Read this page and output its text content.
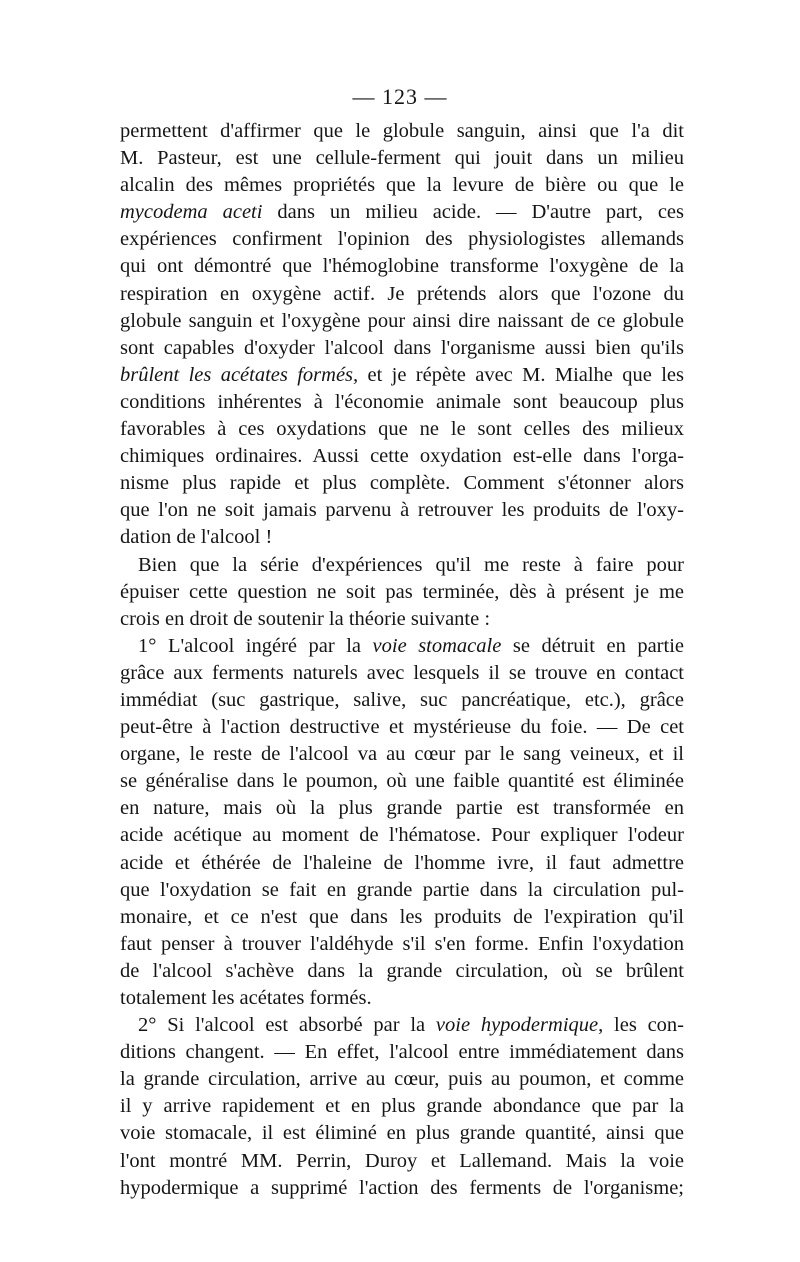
— 123 —
permettent d'affirmer que le globule sanguin, ainsi que l'a dit
M. Pasteur, est une cellule-ferment qui jouit dans un milieu
alcalin des mêmes propriétés que la levure de bière ou que le
mycodema aceti dans un milieu acide. — D'autre part, ces
expériences confirment l'opinion des physiologistes allemands
qui ont démontré que l'hémoglobine transforme l'oxygène de la
respiration en oxygène actif. Je prétends alors que l'ozone du
globule sanguin et l'oxygène pour ainsi dire naissant de ce globule
sont capables d'oxyder l'alcool dans l'organisme aussi bien qu'ils
brûlent les acétates formés, et je répète avec M. Mialhe que les
conditions inhérentes à l'économie animale sont beaucoup plus
favorables à ces oxydations que ne le sont celles des milieux
chimiques ordinaires. Aussi cette oxydation est-elle dans l'orga-
nisme plus rapide et plus complète. Comment s'étonner alors
que l'on ne soit jamais parvenu à retrouver les produits de l'oxy-
dation de l'alcool !
Bien que la série d'expériences qu'il me reste à faire pour
épuiser cette question ne soit pas terminée, dès à présent je me
crois en droit de soutenir la théorie suivante :
1° L'alcool ingéré par la voie stomacale se détruit en partie
grâce aux ferments naturels avec lesquels il se trouve en contact
immédiat (suc gastrique, salive, suc pancréatique, etc.), grâce
peut-être à l'action destructive et mystérieuse du foie. — De cet
organe, le reste de l'alcool va au cœur par le sang veineux, et il
se généralise dans le poumon, où une faible quantité est éliminée
en nature, mais où la plus grande partie est transformée en
acide acétique au moment de l'hématose. Pour expliquer l'odeur
acide et éthérée de l'haleine de l'homme ivre, il faut admettre
que l'oxydation se fait en grande partie dans la circulation pul-
monaire, et ce n'est que dans les produits de l'expiration qu'il
faut penser à trouver l'aldéhyde s'il s'en forme. Enfin l'oxydation
de l'alcool s'achève dans la grande circulation, où se brûlent
totalement les acétates formés.
2° Si l'alcool est absorbé par la voie hypodermique, les con-
ditions changent. — En effet, l'alcool entre immédiatement dans
la grande circulation, arrive au cœur, puis au poumon, et comme
il y arrive rapidement et en plus grande abondance que par la
voie stomacale, il est éliminé en plus grande quantité, ainsi que
l'ont montré MM. Perrin, Duroy et Lallemand. Mais la voie
hypodermique a supprimé l'action des ferments de l'organisme;
